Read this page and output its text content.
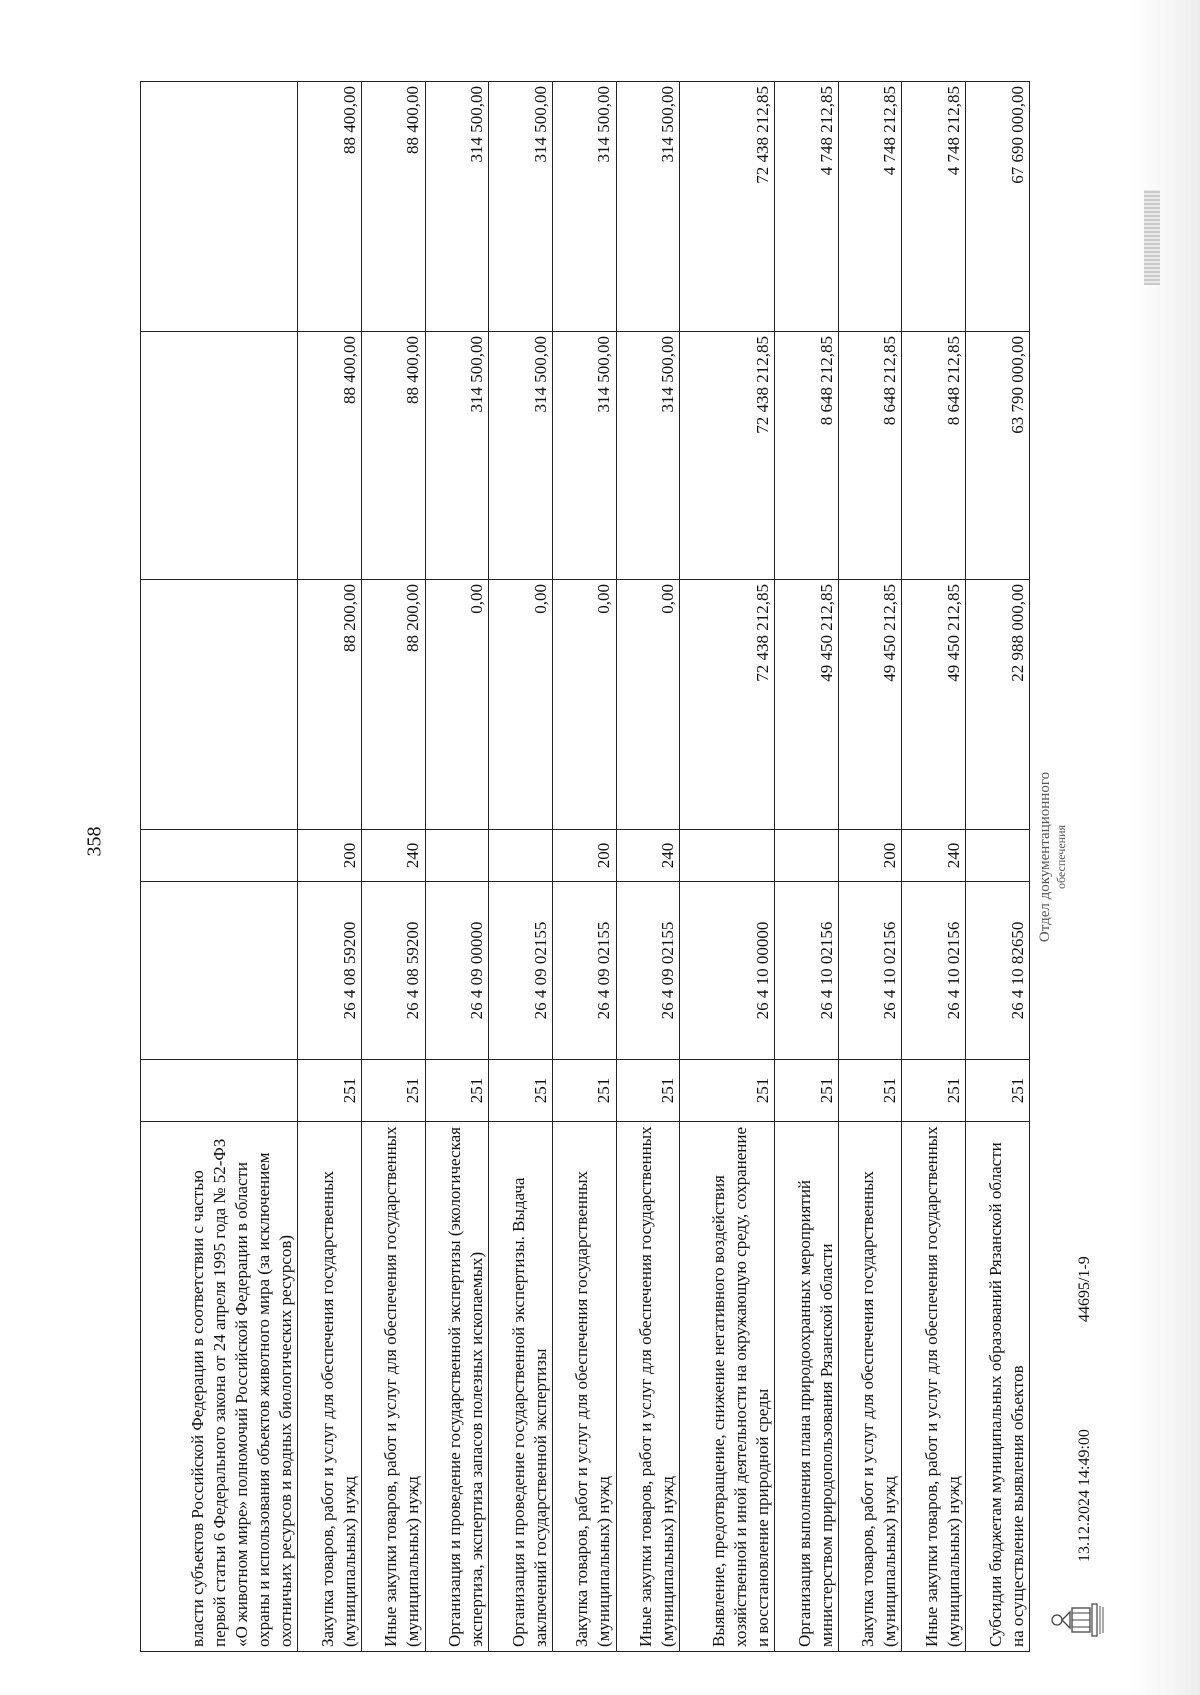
358
власти субъектов Российской Федерации в соответствии с частью первой статьи 6 Федерального закона от 24 апреля 1995 года № 52-ФЗ «О животном мире» полномочий Российской Федерации в области охраны и использования объектов животного мира (за исключением охотничьих ресурсов и водных биологических ресурсов)						
Закупка товаров, работ и услуг для обеспечения государственных (муниципальных) нужд	251	26 4 08 59200	200	88 200,00	88 400,00	88 400,00
Иные закупки товаров, работ и услуг для обеспечения государственных (муниципальных) нужд	251	26 4 08 59200	240	88 200,00	88 400,00	88 400,00
Организация и проведение государственной экспертизы (экологическая экспертиза, экспертиза запасов полезных ископаемых)	251	26 4 09 00000		0,00	314 500,00	314 500,00
Организация и проведение государственной экспертизы. Выдача заключений государственной экспертизы	251	26 4 09 02155		0,00	314 500,00	314 500,00
Закупка товаров, работ и услуг для обеспечения государственных (муниципальных) нужд	251	26 4 09 02155	200	0,00	314 500,00	314 500,00
Иные закупки товаров, работ и услуг для обеспечения государственных (муниципальных) нужд	251	26 4 09 02155	240	0,00	314 500,00	314 500,00
Выявление, предотвращение, снижение негативного воздействия хозяйственной и иной деятельности на окружающую среду, сохранение и восстановление природной среды	251	26 4 10 00000		72 438 212,85	72 438 212,85	72 438 212,85
Организация выполнения плана природоохранных мероприятий министерством природопользования Рязанской области	251	26 4 10 02156		49 450 212,85	8 648 212,85	4 748 212,85
Закупка товаров, работ и услуг для обеспечения государственных (муниципальных) нужд	251	26 4 10 02156	200	49 450 212,85	8 648 212,85	4 748 212,85
Иные закупки товаров, работ и услуг для обеспечения государственных (муниципальных) нужд	251	26 4 10 02156	240	49 450 212,85	8 648 212,85	4 748 212,85
Субсидии бюджетам муниципальных образований Рязанской области на осуществление выявления объектов	251	26 4 10 82650		22 988 000,00	63 790 000,00	67 690 000,00
13.12.2024 14:49:00
44695/1-9
Отдел документационного обеспечения
